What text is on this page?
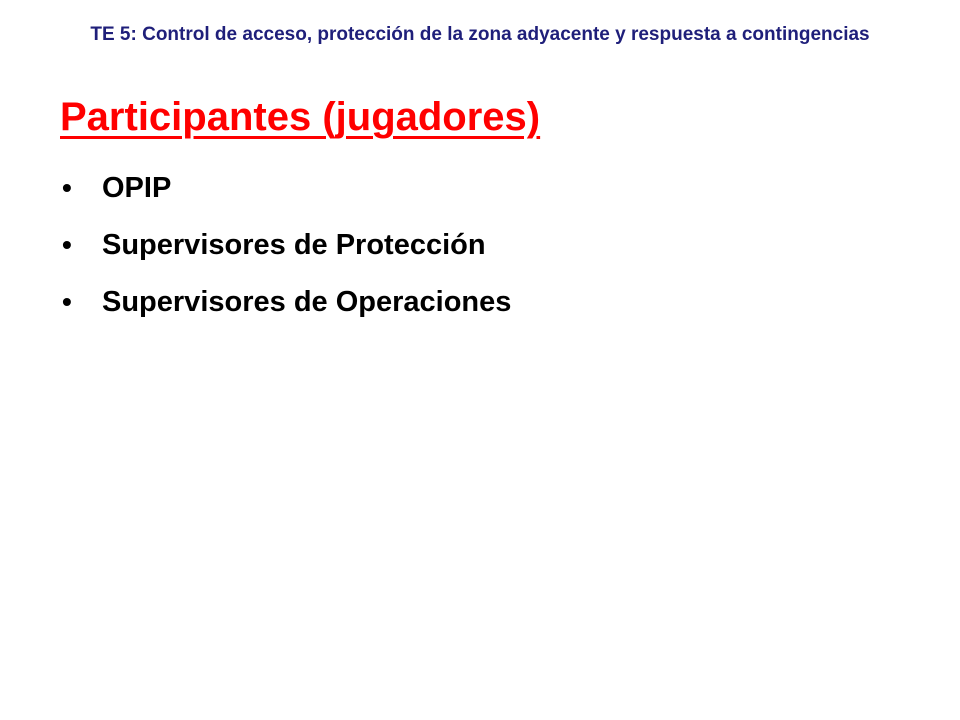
TE 5: Control de acceso, protección de la zona adyacente y respuesta a contingencias
Participantes (jugadores)
•	OPIP
•	Supervisores de Protección
•	Supervisores de Operaciones
